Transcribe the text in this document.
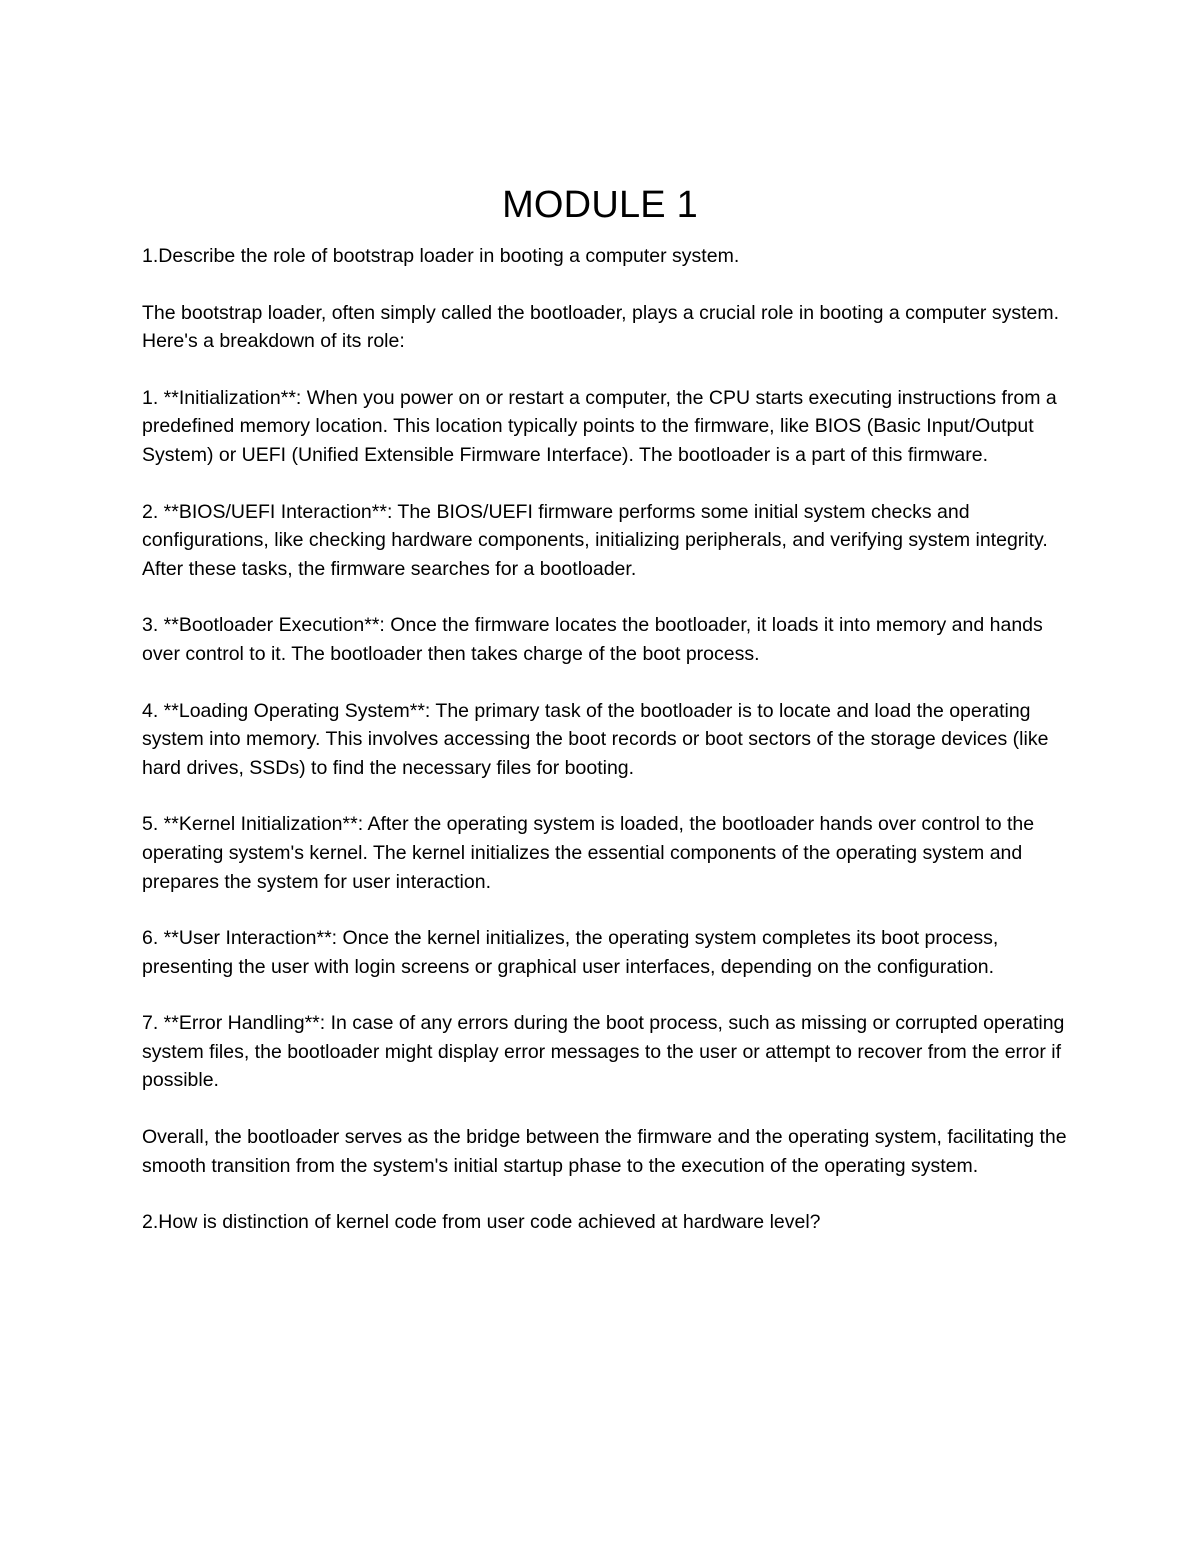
MODULE 1

1.Describe the role of bootstrap loader in booting a computer system.

The bootstrap loader, often simply called the bootloader, plays a crucial role in booting a computer system. Here's a breakdown of its role:

1. **Initialization**: When you power on or restart a computer, the CPU starts executing instructions from a predefined memory location. This location typically points to the firmware, like BIOS (Basic Input/Output System) or UEFI (Unified Extensible Firmware Interface). The bootloader is a part of this firmware.

2. **BIOS/UEFI Interaction**: The BIOS/UEFI firmware performs some initial system checks and configurations, like checking hardware components, initializing peripherals, and verifying system integrity. After these tasks, the firmware searches for a bootloader.

3. **Bootloader Execution**: Once the firmware locates the bootloader, it loads it into memory and hands over control to it. The bootloader then takes charge of the boot process.

4. **Loading Operating System**: The primary task of the bootloader is to locate and load the operating system into memory. This involves accessing the boot records or boot sectors of the storage devices (like hard drives, SSDs) to find the necessary files for booting.

5. **Kernel Initialization**: After the operating system is loaded, the bootloader hands over control to the operating system's kernel. The kernel initializes the essential components of the operating system and prepares the system for user interaction.

6. **User Interaction**: Once the kernel initializes, the operating system completes its boot process, presenting the user with login screens or graphical user interfaces, depending on the configuration.

7. **Error Handling**: In case of any errors during the boot process, such as missing or corrupted operating system files, the bootloader might display error messages to the user or attempt to recover from the error if possible.

Overall, the bootloader serves as the bridge between the firmware and the operating system, facilitating the smooth transition from the system's initial startup phase to the execution of the operating system.

2.How is distinction of kernel code from user code achieved at hardware level?
